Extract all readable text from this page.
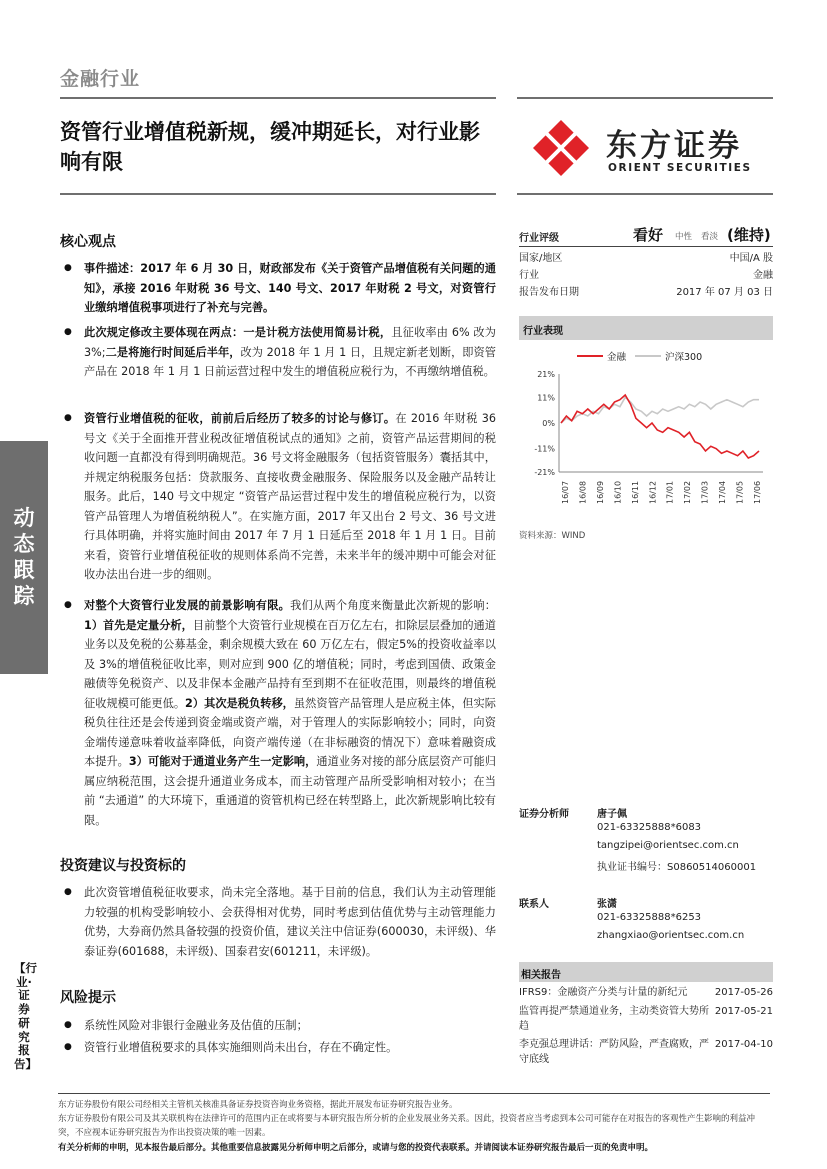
金融行业
资管行业增值税新规，缓冲期延长，对行业影响有限	东方证券
ORIENT SECURITIES
核心观点
● 事件描述：2017 年 6 月 30 日，财政部发布《关于资管产品增值税有关问题的通知》，承接 2016 年财税 36 号文、140 号文、2017 年财税 2 号文，对资管行业缴纳增值税事项进行了补充与完善。
● 此次规定修改主要体现在两点：一是计税方法使用简易计税，且征收率由 6% 改为 3%;二是将施行时间延后半年，改为 2018 年 1 月 1 日，且规定新老划断，即资管产品在 2018 年 1 月 1 日前运营过程中发生的增值税应税行为，不再缴纳增值税。
● 资管行业增值税的征收，前前后后经历了较多的讨论与修订。在 2016 年财税 36 号文《关于全面推开营业税改征增值税试点的通知》之前，资管产品运营期间的税收问题一直都没有得到明确规范。36 号文将金融服务（包括资管服务）囊括其中，并规定纳税服务包括：贷款服务、直接收费金融服务、保险服务以及金融产品转让服务。此后，140 号文中规定 “资管产品运营过程中发生的增值税应税行为，以资管产品管理人为增值税纳税人”。在实施方面，2017 年又出台 2 号文、36 号文进行具体明确，并将实施时间由 2017 年 7 月 1 日延后至 2018 年 1 月 1 日。目前来看，资管行业增值税征收的规则体系尚不完善，未来半年的缓冲期中可能会对征收办法出台进一步的细则。
● 对整个大资管行业发展的前景影响有限。我们从两个角度来衡量此次新规的影响：1）首先是定量分析，目前整个大资管行业规模在百万亿左右，扣除层层叠加的通道业务以及免税的公募基金，剩余规模大致在 60 万亿左右，假定5%的投资收益率以及 3%的增值税征收比率，则对应到 900 亿的增值税；同时，考虑到国债、政策金融债等免税资产、以及非保本金融产品持有至到期不在征收范围，则最终的增值税征收规模可能更低。2）其次是税负转移，虽然资管产品管理人是应税主体，但实际税负往往还是会传递到资金端或资产端，对于管理人的实际影响较小；同时，向资金端传递意味着收益率降低，向资产端传递（在非标融资的情况下）意味着融资成本提升。3）可能对于通道业务产生一定影响，通道业务对接的部分底层资产可能归属应纳税范围，这会提升通道业务成本，而主动管理产品所受影响相对较小；在当前 “去通道” 的大环境下，重通道的资管机构已经在转型路上，此次新规影响比较有限。
投资建议与投资标的
● 此次资管增值税征收要求，尚未完全落地。基于目前的信息，我们认为主动管理能力较强的机构受影响较小、会获得相对优势，同时考虑到估值优势与主动管理能力优势，大券商仍然具备较强的投资价值，建议关注中信证券(600030，未评级)、华泰证券(601688，未评级)、国泰君安(601211，未评级)。
风险提示
● 系统性风险对非银行金融业务及估值的压制；
● 资管行业增值税要求的具体实施细则尚未出台，存在不确定性。
动态跟踪
【行业·证券研究报告】
行业评级	看好 中性 看淡 (维持)
国家/地区	中国/A 股
行业	金融
报告发布日期	2017 年 07 月 03 日
行业表现
金融	沪深300
21%
11%
0%
-11%
-21%
16/07 16/08 16/09 16/10 16/11 16/12 17/01 17/02 17/03 17/04 17/05 17/06
资料来源：WIND
证券分析师	唐子佩
021-63325888*6083
tangzipei@orientsec.com.cn
执业证书编号：S0860514060001
联系人	张潇
021-63325888*6253
zhangxiao@orientsec.com.cn
相关报告
IFRS9：金融资产分类与计量的新纪元	2017-05-26
监管再提严禁通道业务，主动类资管大势所趋
2017-05-21
李克强总理讲话：严防风险，严查腐败，严守底线
2017-04-10
东方证券股份有限公司经相关主管机关核准具备证券投资咨询业务资格，据此开展发布证券研究报告业务。
东方证券股份有限公司及其关联机构在法律许可的范围内正在或将要与本研究报告所分析的企业发展业务关系。因此，投资者应当考虑到本公司可能存在对报告的客观性产生影响的利益冲突，不应视本证券研究报告为作出投资决策的唯一因素。
有关分析师的申明，见本报告最后部分。其他重要信息披露见分析师申明之后部分，或请与您的投资代表联系。并请阅读本证券研究报告最后一页的免责申明。
